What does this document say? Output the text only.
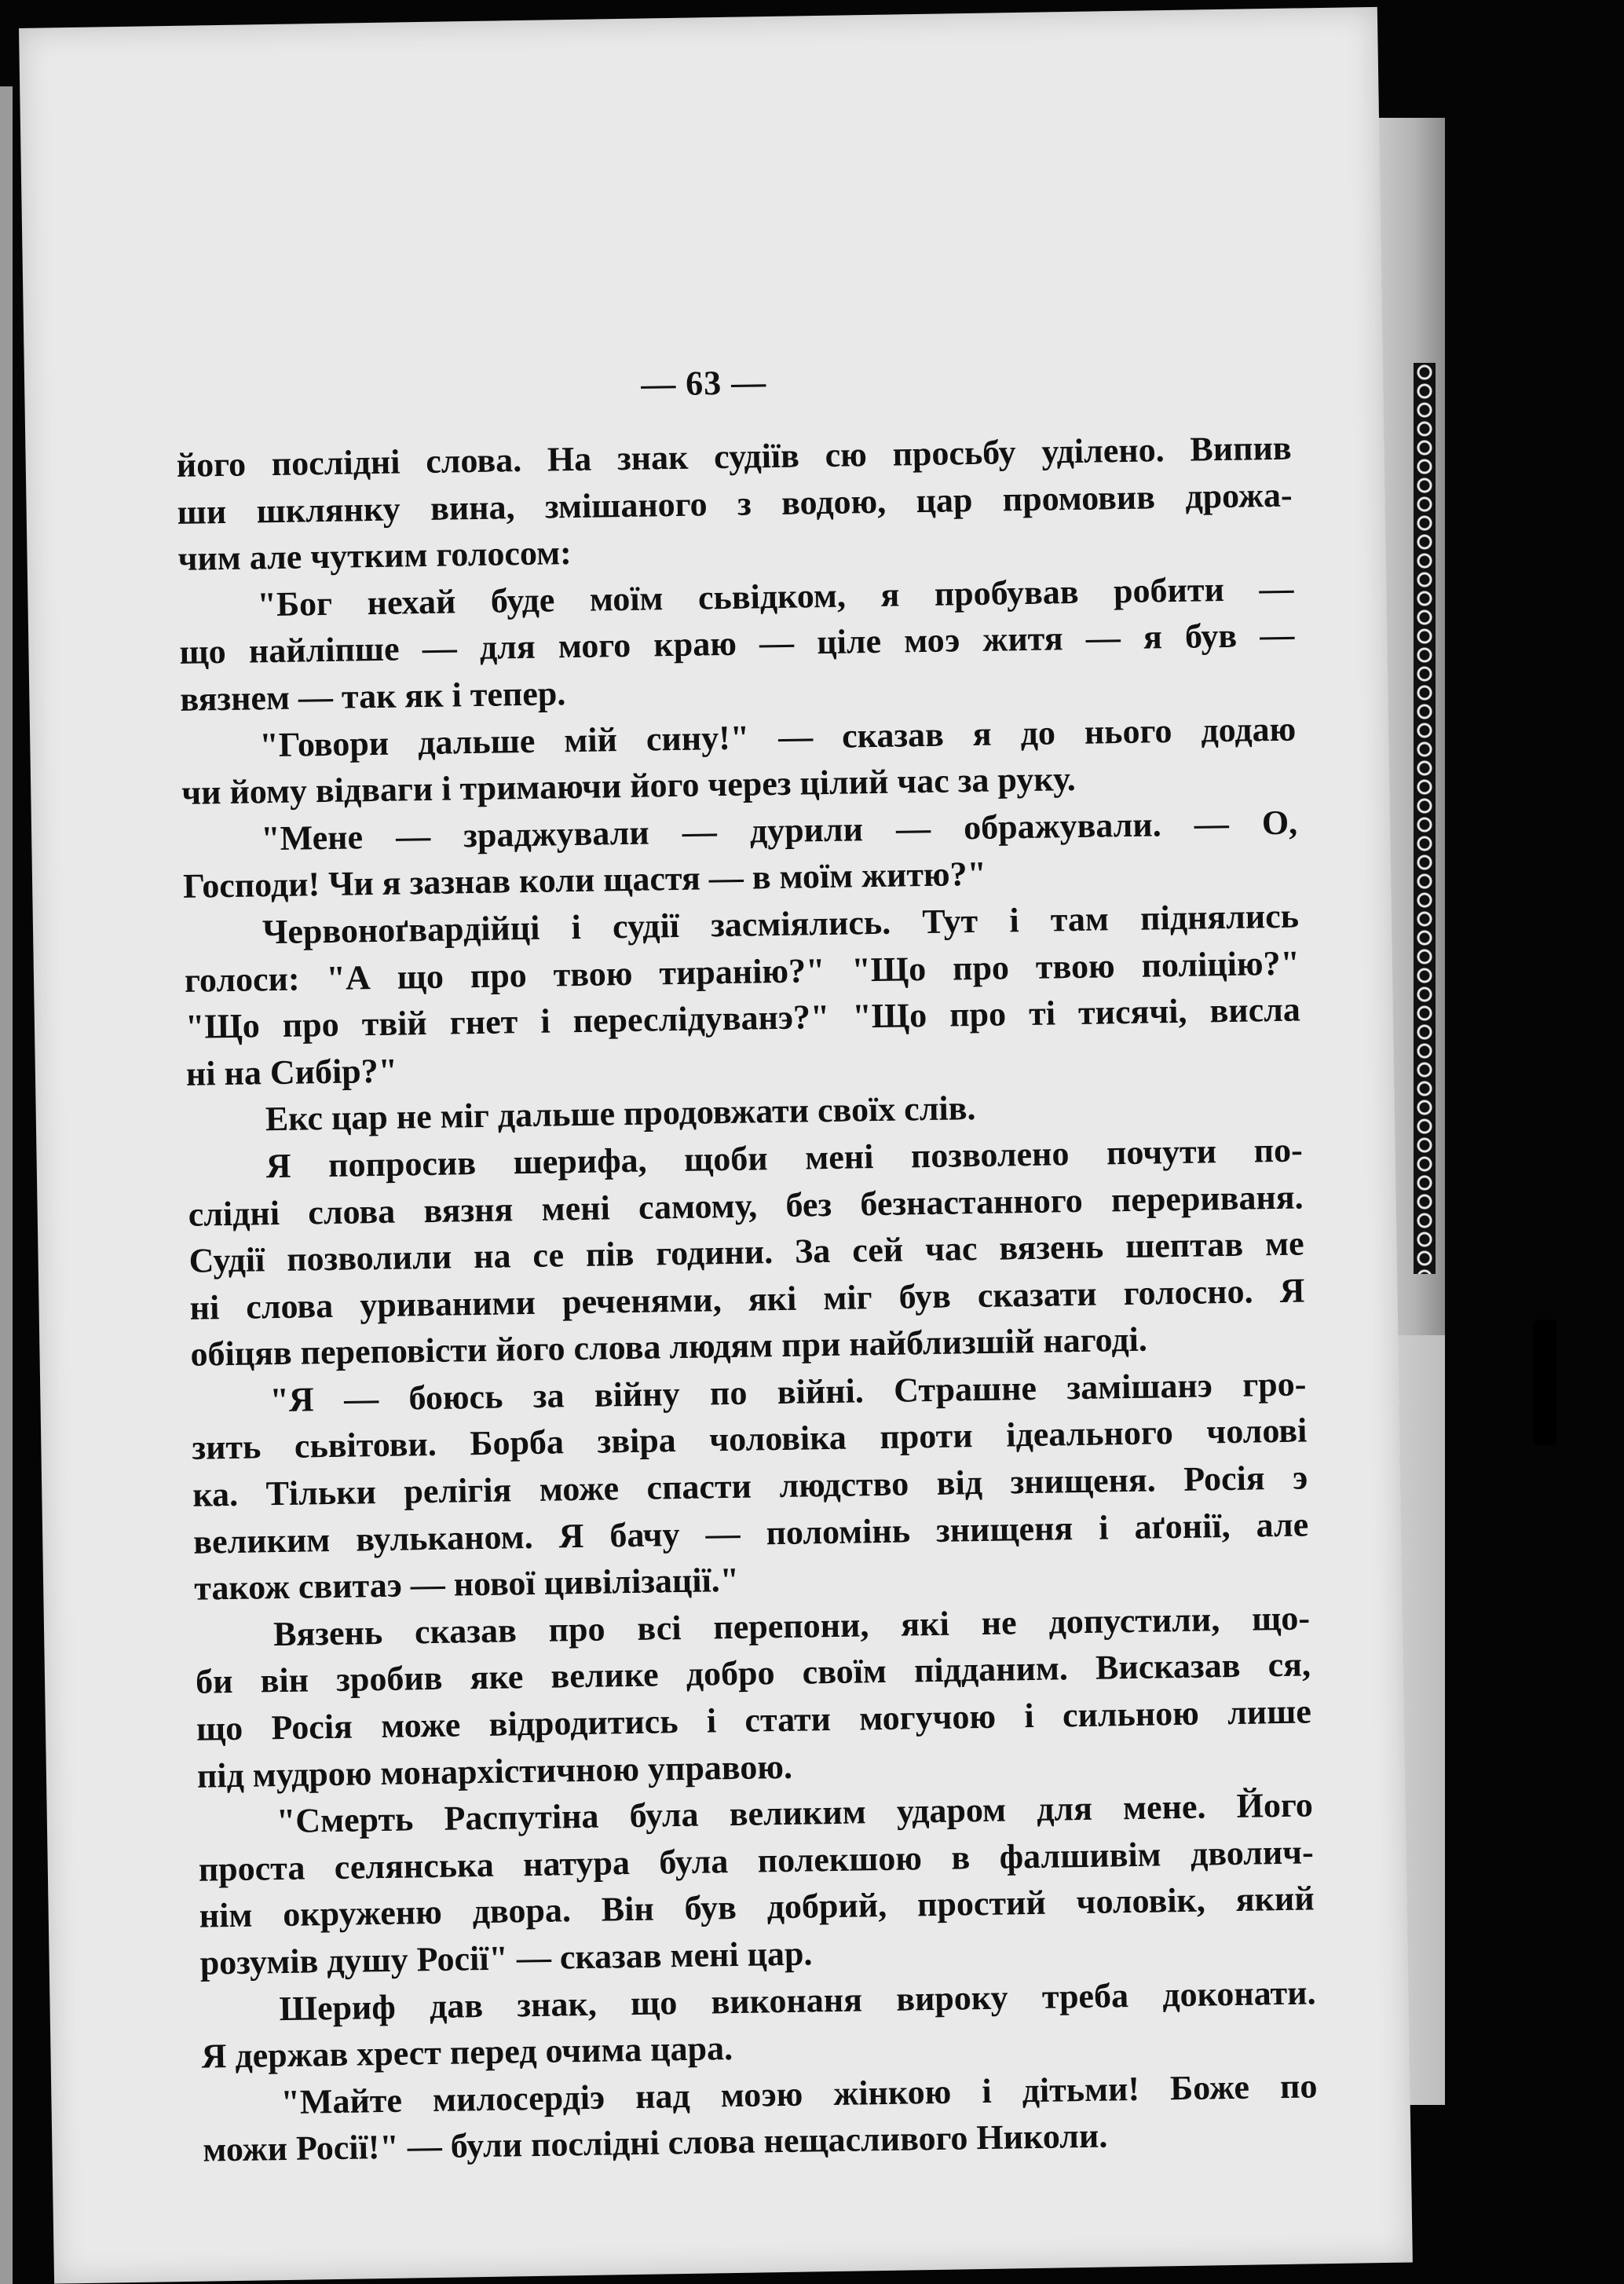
— 63 —
його послідні слова. На знак судіїв сю просьбу уділено. Випив
ши шклянку вина, змішаного з водою, цар промовив дрожа-
чим але чутким голосом:
"Бог нехай буде моїм сьвідком, я пробував робити —
що найліпше — для мого краю — ціле моэ житя — я був —
вязнем — так як і тепер.
"Говори дальше мій сину!" — сказав я до нього додаю
чи йому відваги і тримаючи його через цілий час за руку.
"Мене — зраджували — дурили — ображували. — О,
Господи! Чи я зазнав коли щастя — в моїм житю?"
Червоноґвардійці і судії засміялись. Тут і там піднялись
голоси: "А що про твою тиранію?" "Що про твою поліцію?"
"Що про твій гнет і переслідуванэ?" "Що про ті тисячі, висла
ні на Сибір?"
Екс цар не міг дальше продовжати своїх слів.
Я попросив шерифа, щоби мені позволено почути по-
слідні слова вязня мені самому, без безнастанного перериваня.
Судії позволили на се пів години. За сей час вязень шептав ме
ні слова уриваними реченями, які міг був сказати голосно. Я
обіцяв переповісти його слова людям при найблизшій нагоді.
"Я — боюсь за війну по війні. Страшне замішанэ гро-
зить сьвітови. Борба звіра чоловіка проти ідеального чолові
ка. Тільки релігія може спасти людство від знищеня. Росія э
великим вульканом. Я бачу — поломінь знищеня і аґонії, але
також свитаэ — нової цивілізації."
Вязень сказав про всі перепони, які не допустили, що-
би він зробив яке велике добро своїм підданим. Висказав ся,
що Росія може відродитись і стати могучою і сильною лише
під мудрою монархістичною управою.
"Смерть Распутіна була великим ударом для мене. Його
проста селянська натура була полекшою в фалшивім дволич-
нім окруженю двора. Він був добрий, простий чоловік, який
розумів душу Росії" — сказав мені цар.
Шериф дав знак, що виконаня вироку треба доконати.
Я держав хрест перед очима цара.
"Майте милосердіэ над моэю жінкою і дітьми! Боже по
можи Росії!" — були послідні слова нещасливого Николи.
